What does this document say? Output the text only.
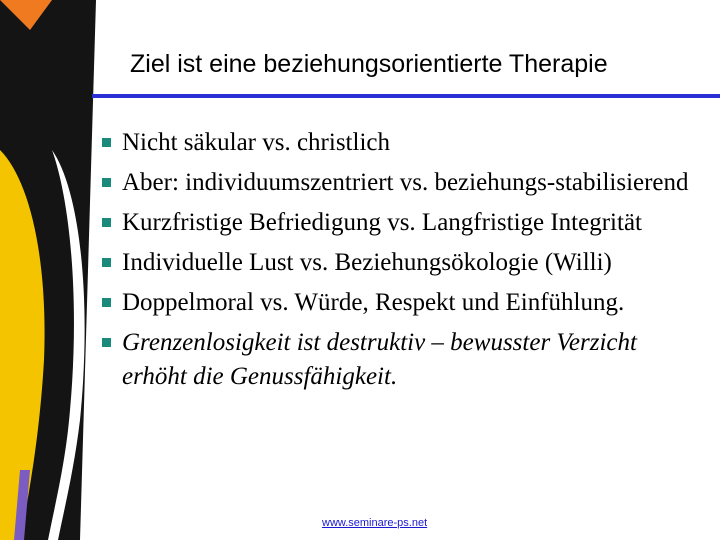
Ziel ist eine beziehungsorientierte Therapie
Nicht säkular vs. christlich
Aber: individuumszentriert vs. beziehungs-stabilisierend
Kurzfristige Befriedigung vs. Langfristige Integrität
Individuelle Lust vs. Beziehungsökologie (Willi)
Doppelmoral vs. Würde, Respekt und Einfühlung.
Grenzenlosigkeit ist destruktiv – bewusster Verzicht erhöht die Genussfähigkeit.
www.seminare-ps.net
